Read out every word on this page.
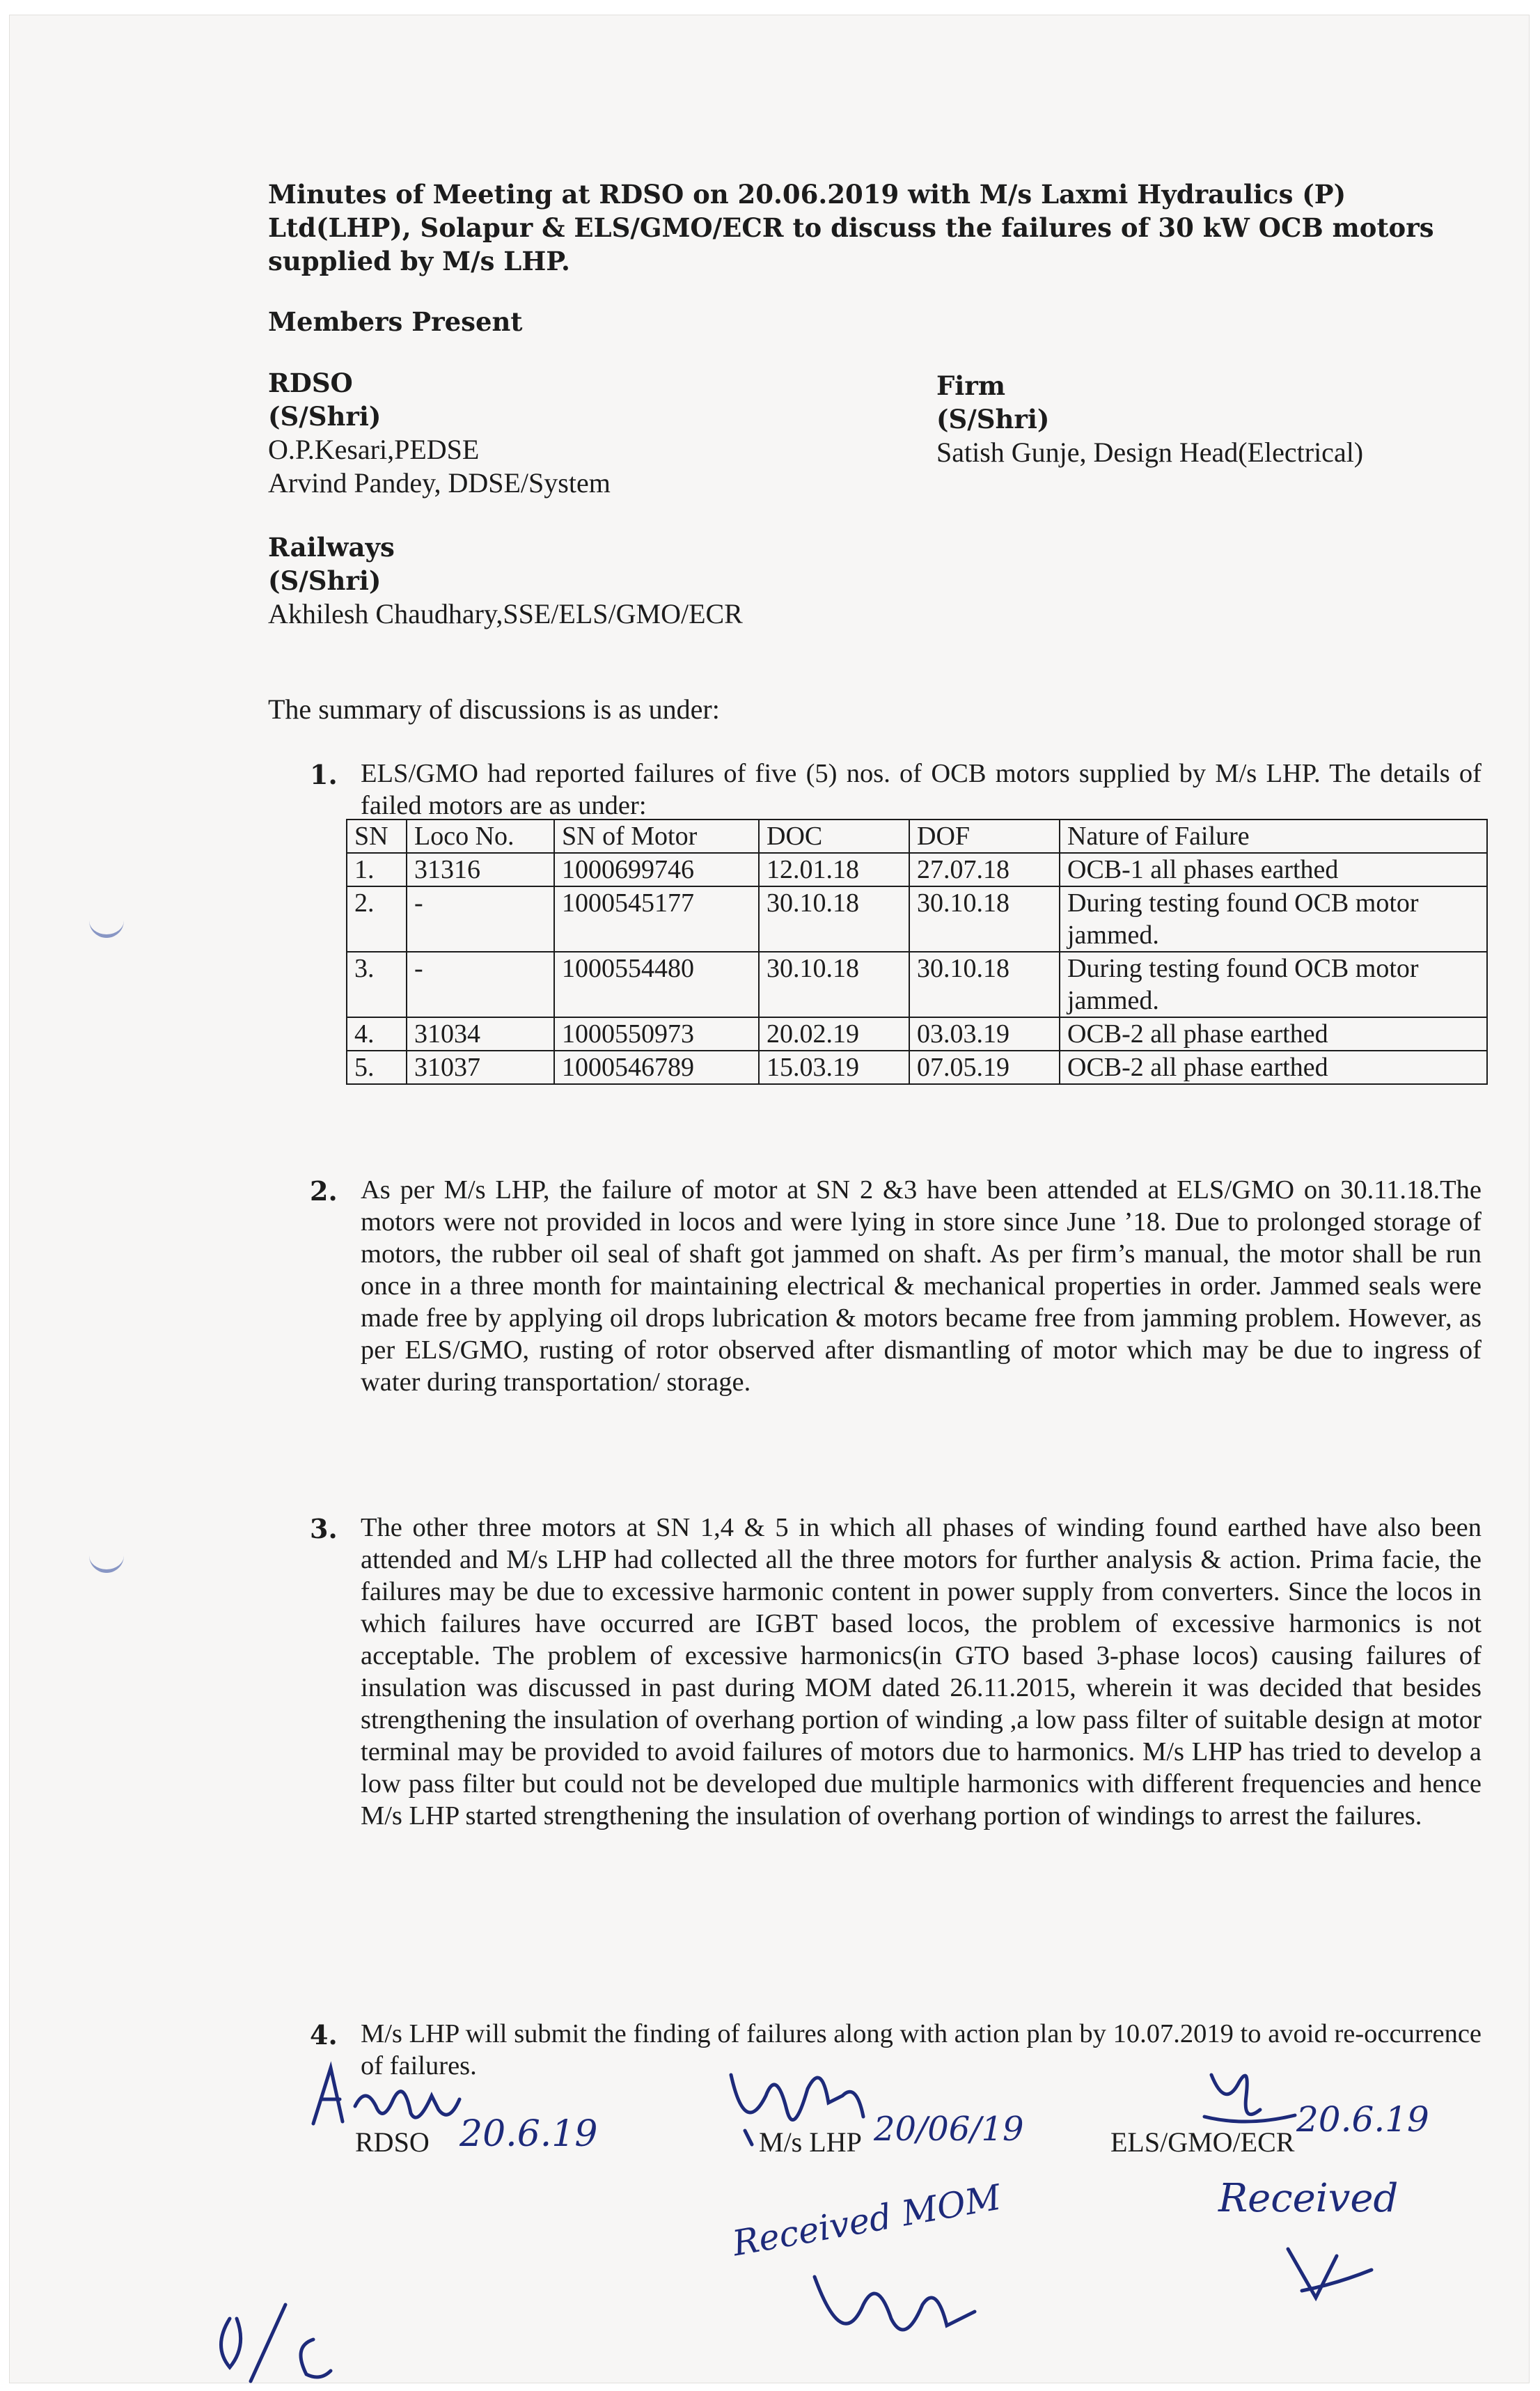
Minutes of Meeting at RDSO on 20.06.2019 with M/s Laxmi Hydraulics (P) Ltd(LHP), Solapur & ELS/GMO/ECR to discuss the failures of 30 kW OCB motors supplied by M/s LHP.
Members Present
RDSO
(S/Shri)
O.P.Kesari,PEDSE
Arvind Pandey, DDSE/System
Firm
(S/Shri)
Satish Gunje, Design Head(Electrical)
Railways
(S/Shri)
Akhilesh Chaudhary,SSE/ELS/GMO/ECR
The summary of discussions is as under:
1. ELS/GMO had reported failures of five (5) nos. of OCB motors supplied by M/s LHP. The details of failed motors are as under:
SN	Loco No.	SN of Motor	DOC	DOF	Nature of Failure
1.	31316	1000699746	12.01.18	27.07.18	OCB-1 all phases earthed
2.	-	1000545177	30.10.18	30.10.18	During testing found OCB motor jammed.
3.	-	1000554480	30.10.18	30.10.18	During testing found OCB motor jammed.
4.	31034	1000550973	20.02.19	03.03.19	OCB-2 all phase earthed
5.	31037	1000546789	15.03.19	07.05.19	OCB-2 all phase earthed
2. As per M/s LHP, the failure of motor at SN 2 &3 have been attended at ELS/GMO on 30.11.18.The motors were not provided in locos and were lying in store since June ’18. Due to prolonged storage of motors, the rubber oil seal of shaft got jammed on shaft. As per firm’s manual, the motor shall be run once in a three month for maintaining electrical & mechanical properties in order. Jammed seals were made free by applying oil drops lubrication & motors became free from jamming problem. However, as per ELS/GMO, rusting of rotor observed after dismantling of motor which may be due to ingress of water during transportation/ storage.
3. The other three motors at SN 1,4 & 5 in which all phases of winding found earthed have also been attended and M/s LHP had collected all the three motors for further analysis & action. Prima facie, the failures may be due to excessive harmonic content in power supply from converters. Since the locos in which failures have occurred are IGBT based locos, the problem of excessive harmonics is not acceptable. The problem of excessive harmonics(in GTO based 3-phase locos) causing failures of insulation was discussed in past during MOM dated 26.11.2015, wherein it was decided that besides strengthening the insulation of overhang portion of winding ,a low pass filter of suitable design at motor terminal may be provided to avoid failures of motors due to harmonics. M/s LHP has tried to develop a low pass filter but could not be developed due multiple harmonics with different frequencies and hence M/s LHP started strengthening the insulation of overhang portion of windings to arrest the failures.
4. M/s LHP will submit the finding of failures along with action plan by 10.07.2019 to avoid re-occurrence of failures.
RDSO 20.6.19	M/s LHP 20/06/19	20.6.19
ELS/GMO/ECR
Received MOM	Received
